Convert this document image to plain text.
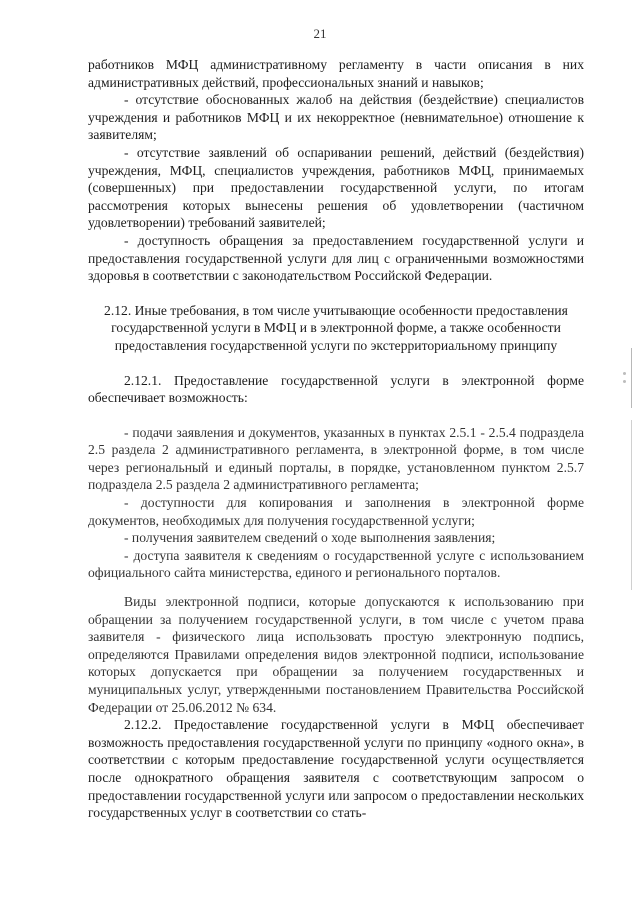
21

работников МФЦ административному регламенту в части описания в них административных действий, профессиональных знаний и навыков;

- отсутствие обоснованных жалоб на действия (бездействие) специалистов учреждения и работников МФЦ и их некорректное (невнимательное) отношение к заявителям;

- отсутствие заявлений об оспаривании решений, действий (бездействия) учреждения, МФЦ, специалистов учреждения, работников МФЦ, принимаемых (совершенных) при предоставлении государственной услуги, по итогам рассмотрения которых вынесены решения об удовлетворении (частичном удовлетворении) требований заявителей;

- доступность обращения за предоставлением государственной услуги и предоставления государственной услуги для лиц с ограниченными возможностями здоровья в соответствии с законодательством Российской Федерации.

2.12. Иные требования, в том числе учитывающие особенности предоставления государственной услуги в МФЦ и в электронной форме, а также особенности предоставления государственной услуги по экстерриториальному принципу

2.12.1. Предоставление государственной услуги в электронной форме обеспечивает возможность:

- подачи заявления и документов, указанных в пунктах 2.5.1 - 2.5.4 подраздела 2.5 раздела 2 административного регламента, в электронной форме, в том числе через региональный и единый порталы, в порядке, установленном пунктом 2.5.7 подраздела 2.5 раздела 2 административного регламента;

- доступности для копирования и заполнения в электронной форме документов, необходимых для получения государственной услуги;

- получения заявителем сведений о ходе выполнения заявления;

- доступа заявителя к сведениям о государственной услуге с использованием официального сайта министерства, единого и регионального порталов.

Виды электронной подписи, которые допускаются к использованию при обращении за получением государственной услуги, в том числе с учетом права заявителя - физического лица использовать простую электронную подпись, определяются Правилами определения видов электронной подписи, использование которых допускается при обращении за получением государственных и муниципальных услуг, утвержденными постановлением Правительства Российской Федерации от 25.06.2012 № 634.

2.12.2. Предоставление государственной услуги в МФЦ обеспечивает возможность предоставления государственной услуги по принципу «одного окна», в соответствии с которым предоставление государственной услуги осуществляется после однократного обращения заявителя с соответствующим запросом о предоставлении государственной услуги или запросом о предоставлении нескольких государственных услуг в соответствии со стать-
